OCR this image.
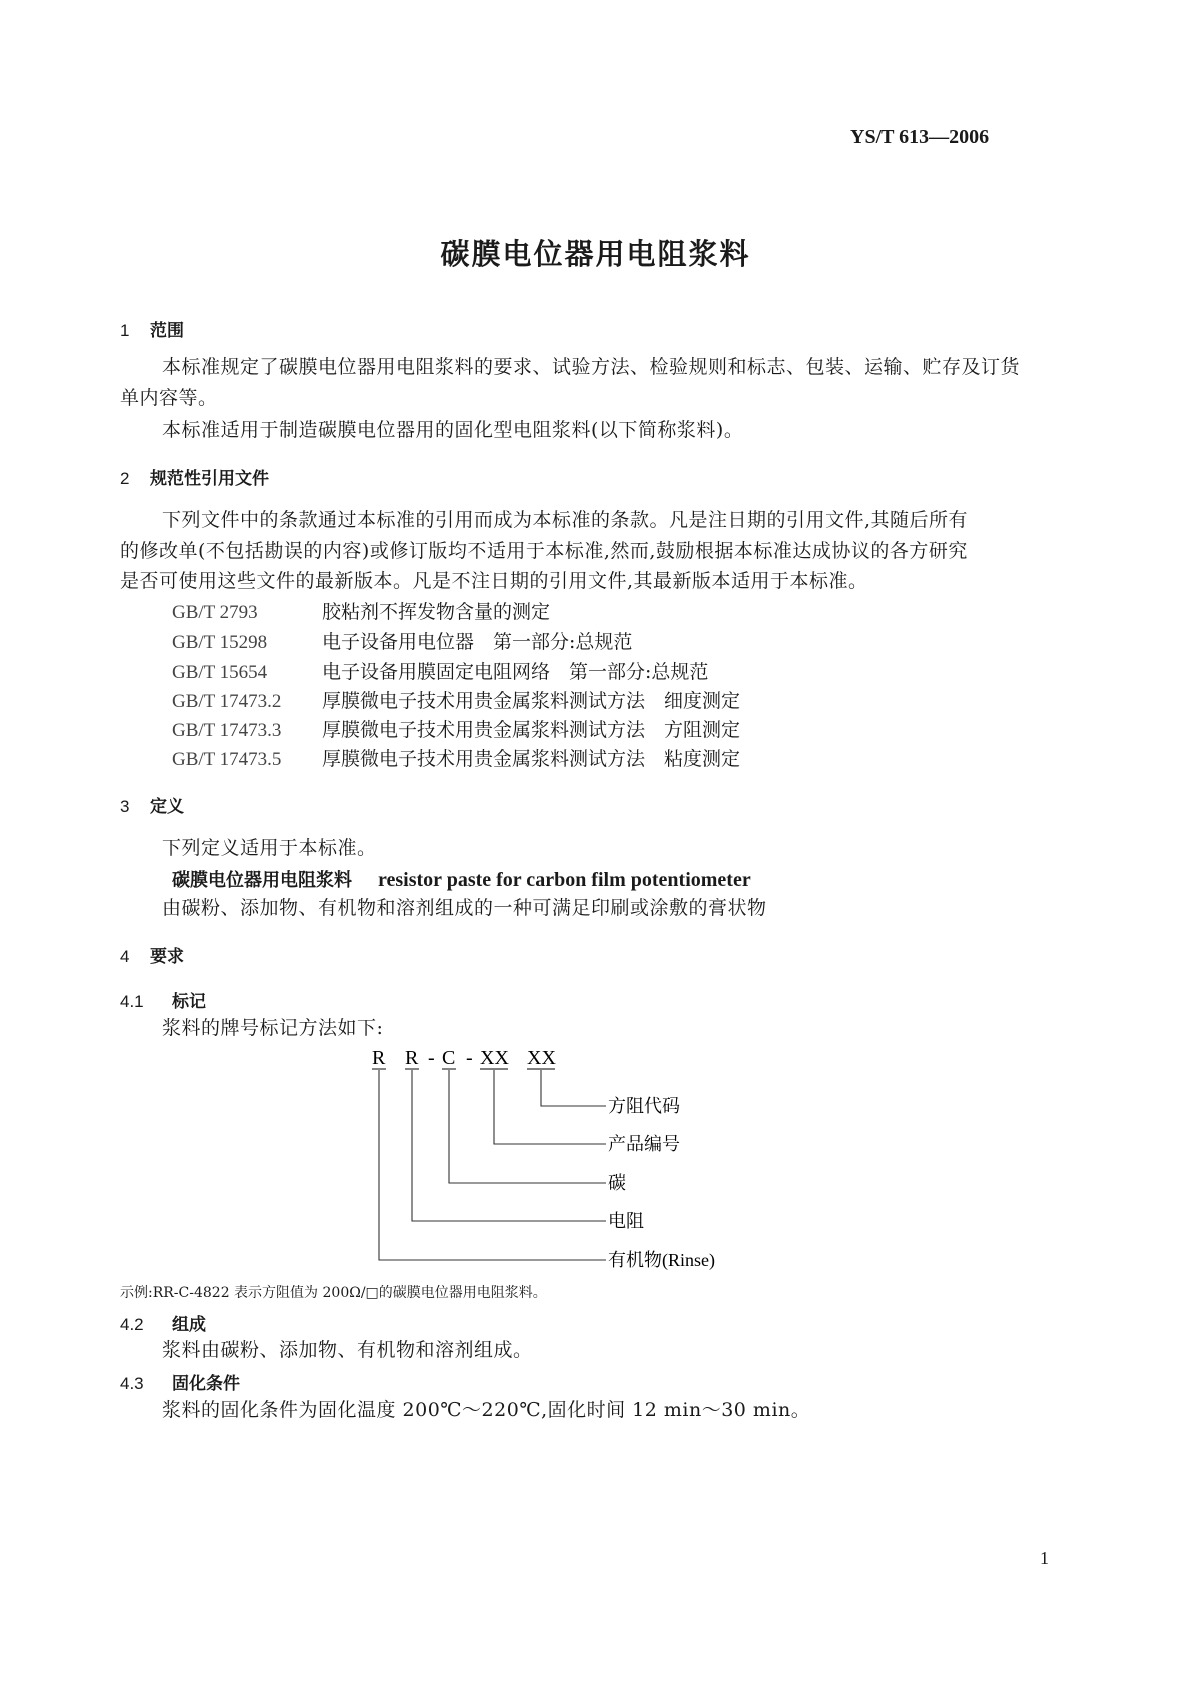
YS/T 613—2006
碳膜电位器用电阻浆料
1 范围
本标准规定了碳膜电位器用电阻浆料的要求、试验方法、检验规则和标志、包装、运输、贮存及订货
单内容等。
本标准适用于制造碳膜电位器用的固化型电阻浆料(以下简称浆料)。
2 规范性引用文件
下列文件中的条款通过本标准的引用而成为本标准的条款。凡是注日期的引用文件,其随后所有
的修改单(不包括勘误的内容)或修订版均不适用于本标准,然而,鼓励根据本标准达成协议的各方研究
是否可使用这些文件的最新版本。凡是不注日期的引用文件,其最新版本适用于本标准。
GB/T 2793	胶粘剂不挥发物含量的测定
GB/T 15298	电子设备用电位器　第一部分:总规范
GB/T 15654	电子设备用膜固定电阻网络　第一部分:总规范
GB/T 17473.2 厚膜微电子技术用贵金属浆料测试方法　细度测定
GB/T 17473.3 厚膜微电子技术用贵金属浆料测试方法　方阻测定
GB/T 17473.5 厚膜微电子技术用贵金属浆料测试方法　粘度测定
3 定义
下列定义适用于本标准。
碳膜电位器用电阻浆料 resistor paste for carbon film potentiometer
由碳粉、添加物、有机物和溶剂组成的一种可满足印刷或涂敷的膏状物
4 要求
4.1 标记
浆料的牌号标记方法如下:
R R - C - XX XX
方阻代码
产品编号
碳
电阻
有机物(Rinse)
示例:RR-C-4822 表示方阻值为 200Ω/□的碳膜电位器用电阻浆料。
4.2 组成
浆料由碳粉、添加物、有机物和溶剂组成。
4.3 固化条件
浆料的固化条件为固化温度 200℃～220℃,固化时间 12 min～30 min。
1
